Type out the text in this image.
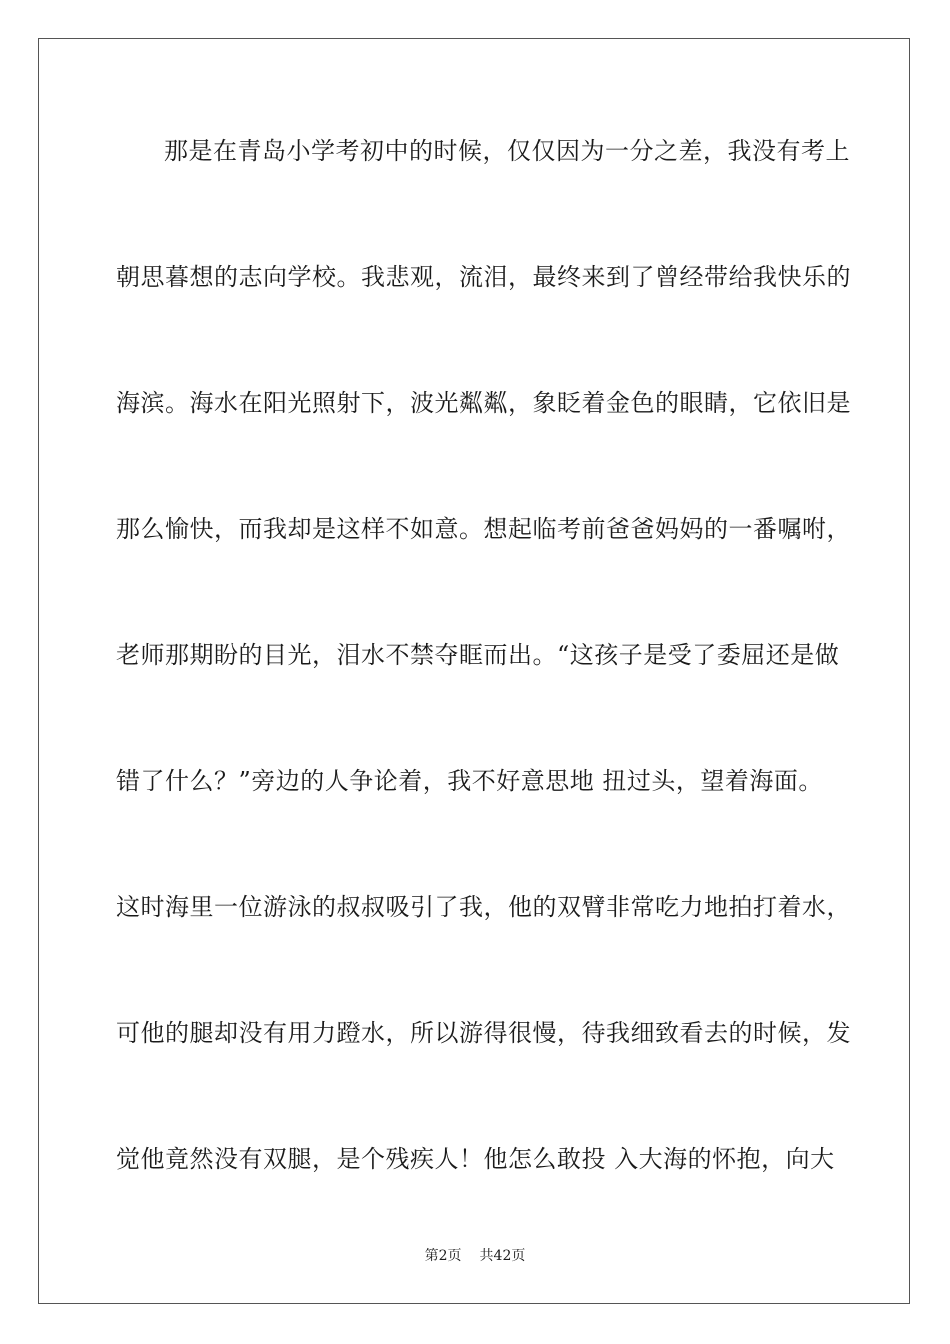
那是在青岛小学考初中的时候，仅仅因为一分之差，我没有考上
朝思暮想的志向学校。我悲观，流泪，最终来到了曾经带给我快乐的
海滨。海水在阳光照射下，波光粼粼，象眨着金色的眼睛，它依旧是
那么愉快，而我却是这样不如意。想起临考前爸爸妈妈的一番嘱咐，
老师那期盼的目光，泪水不禁夺眶而出。“这孩子是受了委屈还是做
错了什么？”旁边的人争论着，我不好意思地 扭过头，望着海面。
这时海里一位游泳的叔叔吸引了我，他的双臂非常吃力地拍打着水，
可他的腿却没有用力蹬水，所以游得很慢，待我细致看去的时候，发
觉他竟然没有双腿，是个残疾人！他怎么敢投 入大海的怀抱，向大
第2页 共42页
